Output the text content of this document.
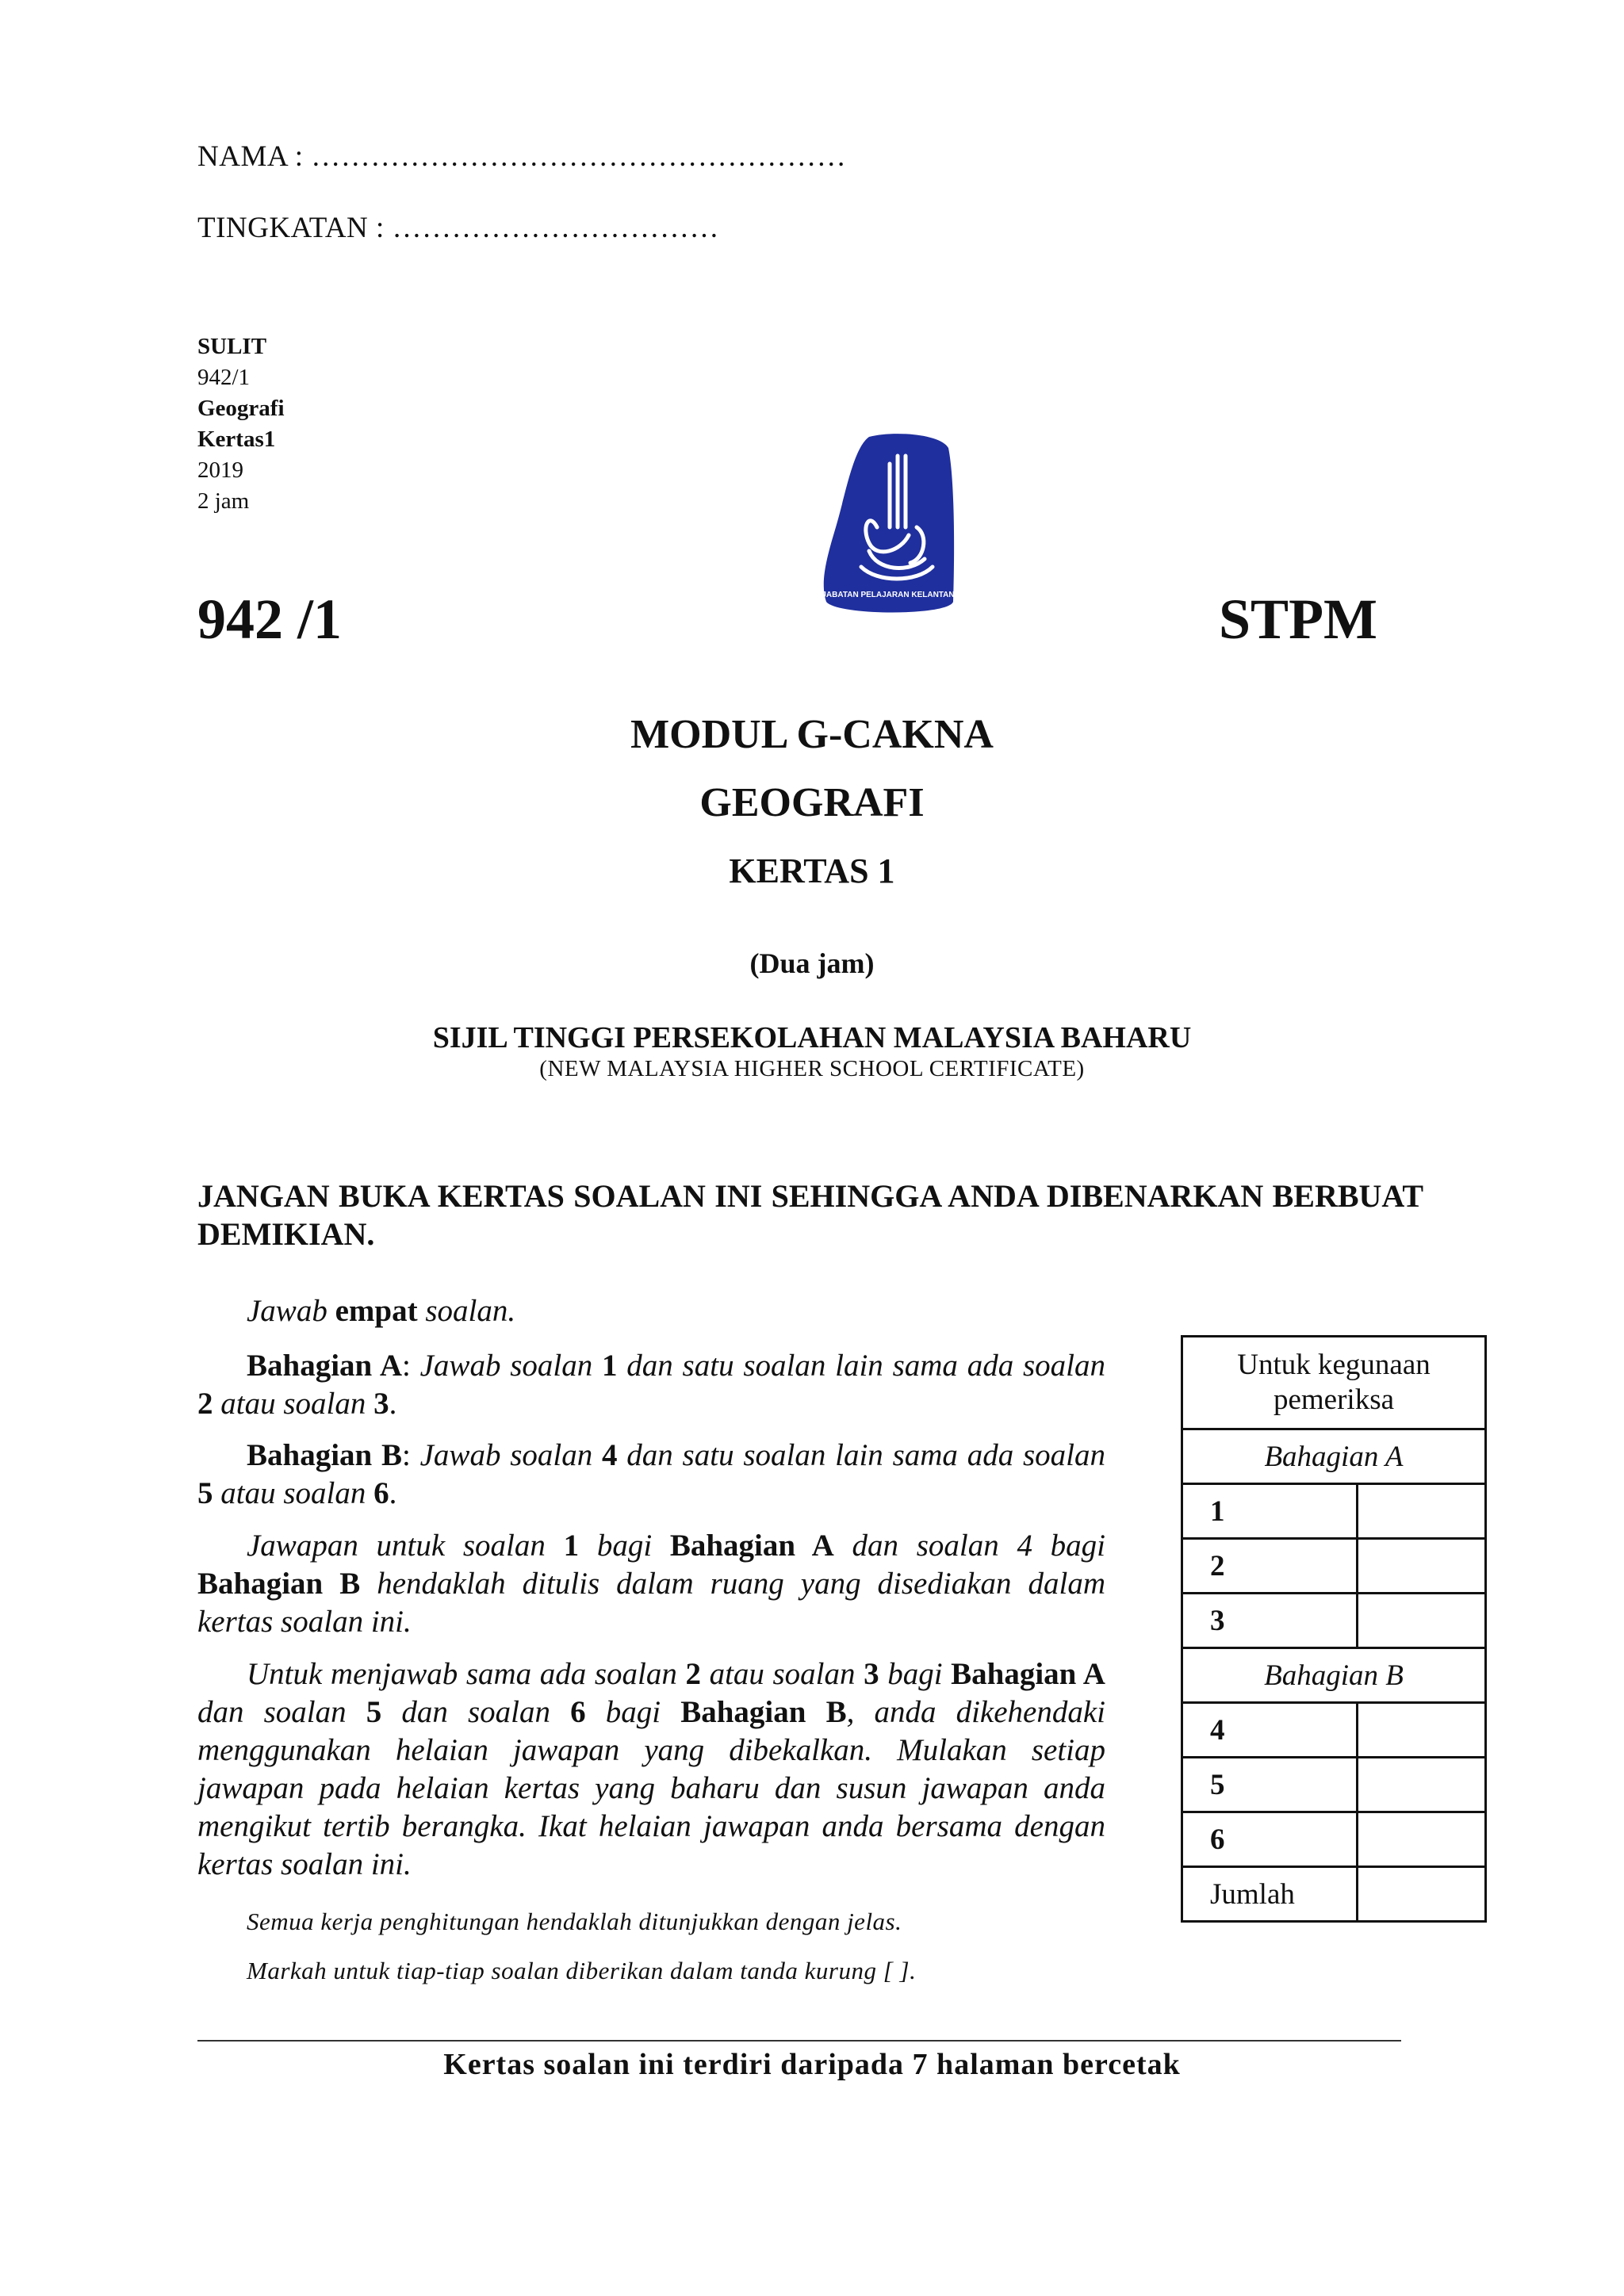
NAMA : ………………………………………………
TINGKATAN : ……………………………
SULIT
942/1
Geografi
Kertas1
2019
2 jam
JABATAN PELAJARAN KELANTAN
942 /1	STPM
MODUL G-CAKNA
GEOGRAFI
KERTAS 1
(Dua jam)
SIJIL TINGGI PERSEKOLAHAN MALAYSIA BAHARU
(NEW MALAYSIA HIGHER SCHOOL CERTIFICATE)
JANGAN BUKA KERTAS SOALAN INI SEHINGGA ANDA DIBENARKAN BERBUAT DEMIKIAN.

Jawab empat soalan.

Bahagian A: Jawab soalan 1 dan satu soalan lain sama ada soalan 2 atau soalan 3.

Bahagian B: Jawab soalan 4 dan satu soalan lain sama ada soalan 5 atau soalan 6.

Jawapan untuk soalan 1 bagi Bahagian A dan soalan 4 bagi Bahagian B hendaklah ditulis dalam ruang yang disediakan dalam kertas soalan ini.

Untuk menjawab sama ada soalan 2 atau soalan 3 bagi Bahagian A dan soalan 5 dan soalan 6 bagi Bahagian B, anda dikehendaki menggunakan helaian jawapan yang dibekalkan. Mulakan setiap jawapan pada helaian kertas yang baharu dan susun jawapan anda mengikut tertib berangka. Ikat helaian jawapan anda bersama dengan kertas soalan ini.

Semua kerja penghitungan hendaklah ditunjukkan dengan jelas.

Markah untuk tiap-tiap soalan diberikan dalam tanda kurung [ ].

Untuk kegunaan pemeriksa	
Bahagian A	
1	
2	
3	
Bahagian B	
4	
5	
6	
Jumlah	
Kertas soalan ini terdiri daripada 7 halaman bercetak
